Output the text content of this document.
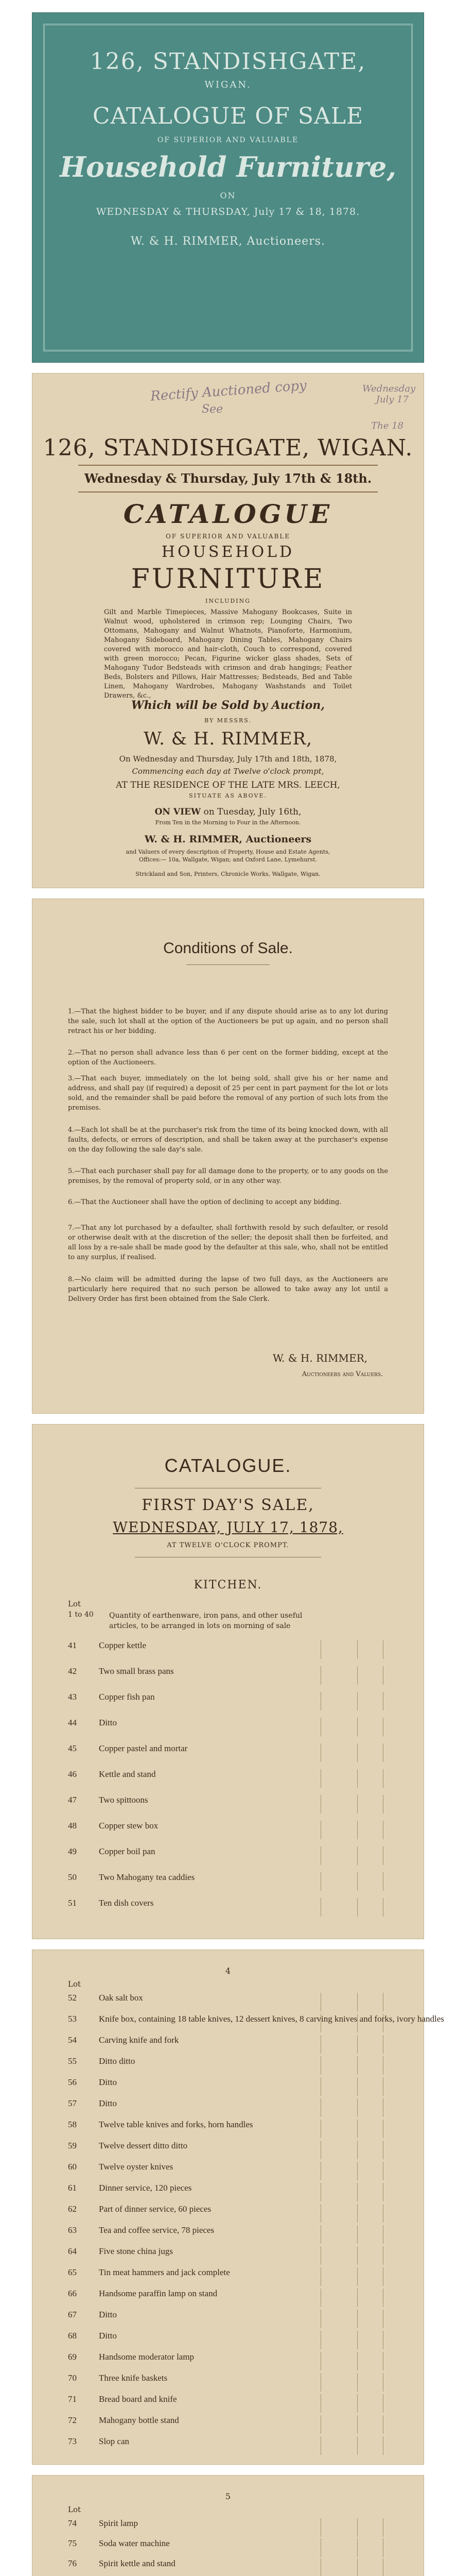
126, STANDISHGATE,
WIGAN.
CATALOGUE OF SALE
OF SUPERIOR AND VALUABLE
Household Furniture,
ON
WEDNESDAY & THURSDAY, July 17 & 18, 1878.
W. & H. RIMMER, Auctioneers.
Rectify Auctioned copy
See
Wednesday July 17
The 18
126, STANDISHGATE, WIGAN.
Wednesday & Thursday, July 17th & 18th.
CATALOGUE
OF SUPERIOR AND VALUABLE
HOUSEHOLD
FURNITURE
INCLUDING
Gilt and Marble Timepieces, Massive Mahogany Bookcases, Suite in Walnut wood, upholstered in crimson rep; Lounging Chairs, Two Ottomans, Mahogany and Walnut Whatnots, Pianoforte, Harmonium, Mahogany Sideboard, Mahogany Dining Tables, Mahogany Chairs covered with morocco and hair-cloth, Couch to correspond, covered with green morocco; Pecan, Figurine wicker glass shades, Sets of Mahogany Tudor Bedsteads with crimson and drab hangings; Feather Beds, Bolsters and Pillows, Hair Mattresses; Bedsteads, Bed and Table Linen, Mahogany Wardrobes, Mahogany Washstands and Toilet Drawers, &c.,
Which will be Sold by Auction,
BY MESSRS.
W. & H. RIMMER,
On Wednesday and Thursday, July 17th and 18th, 1878,
Commencing each day at Twelve o'clock prompt,
AT THE RESIDENCE OF THE LATE MRS. LEECH,
SITUATE AS ABOVE.
ON VIEW on Tuesday, July 16th,
From Ten in the Morning to Four in the Afternoon.
W. & H. RIMMER, Auctioneers
and Valuers of every description of Property, House and Estate Agents, Offices:— 10a, Wallgate, Wigan; and Oxford Lane, Lymehurst.
Strickland and Son, Printers, Chronicle Works, Wallgate, Wigan.
Conditions of Sale.
1.—That the highest bidder to be buyer, and if any dispute should arise as to any lot during the sale, such lot shall at the option of the Auctioneers be put up again, and no person shall retract his or her bidding.
2.—That no person shall advance less than 6 per cent on the former bidding, except at the option of the Auctioneers.
3.—That each buyer, immediately on the lot being sold, shall give his or her name and address, and shall pay (if required) a deposit of 25 per cent in part payment for the lot or lots sold, and the remainder shall be paid before the removal of any portion of such lots from the premises.
4.—Each lot shall be at the purchaser's risk from the time of its being knocked down, with all faults, defects, or errors of description, and shall be taken away at the purchaser's expense on the day following the sale day's sale.
5.—That each purchaser shall pay for all damage done to the property, or to any goods on the premises, by the removal of property sold, or in any other way.
6.—That the Auctioneer shall have the option of declining to accept any bidding.
7.—That any lot purchased by a defaulter, shall forthwith resold by such defaulter, or resold or otherwise dealt with at the discretion of the seller; the deposit shall then be forfeited, and all loss by a re-sale shall be made good by the defaulter at this sale, who, shall not be entitled to any surplus, if realised.
8.—No claim will be admitted during the lapse of two full days, as the Auctioneers are particularly here required that no such person be allowed to take away any lot until a Delivery Order has first been obtained from the Sale Clerk.
W. & H. RIMMER,
Auctioneers and Valuers.
CATALOGUE.
FIRST DAY'S SALE,
WEDNESDAY, JULY 17, 1878,
AT TWELVE O'CLOCK PROMPT.
KITCHEN.
Lot
1 to 40 Quantity of earthenware, iron pans, and other useful articles, to be arranged in lots on morning of sale
41	Copper kettle
42	Two small brass pans
43	Copper fish pan
44	Ditto
45	Copper pastel and mortar
46	Kettle and stand
47	Two spittoons
48	Copper stew box
49	Copper boil pan
50	Two Mahogany tea caddies
51	Ten dish covers
4
Lot
52	Oak salt box
53	Knife box, containing 18 table knives, 12 dessert knives, 8 carving knives and forks, ivory handles
54	Carving knife and fork
55	Ditto ditto
56	Ditto
57	Ditto
58	Twelve table knives and forks, horn handles
59	Twelve dessert ditto ditto
60	Twelve oyster knives
61	Dinner service, 120 pieces
62	Part of dinner service, 60 pieces
63	Tea and coffee service, 78 pieces
64	Five stone china jugs
65	Tin meat hammers and jack complete
66	Handsome paraffin lamp on stand
67	Ditto
68	Ditto
69	Handsome moderator lamp
70	Three knife baskets
71	Bread board and knife
72	Mahogany bottle stand
73	Slop can
5
Lot
74	Spirit lamp
75	Soda water machine
76	Spirit kettle and stand
